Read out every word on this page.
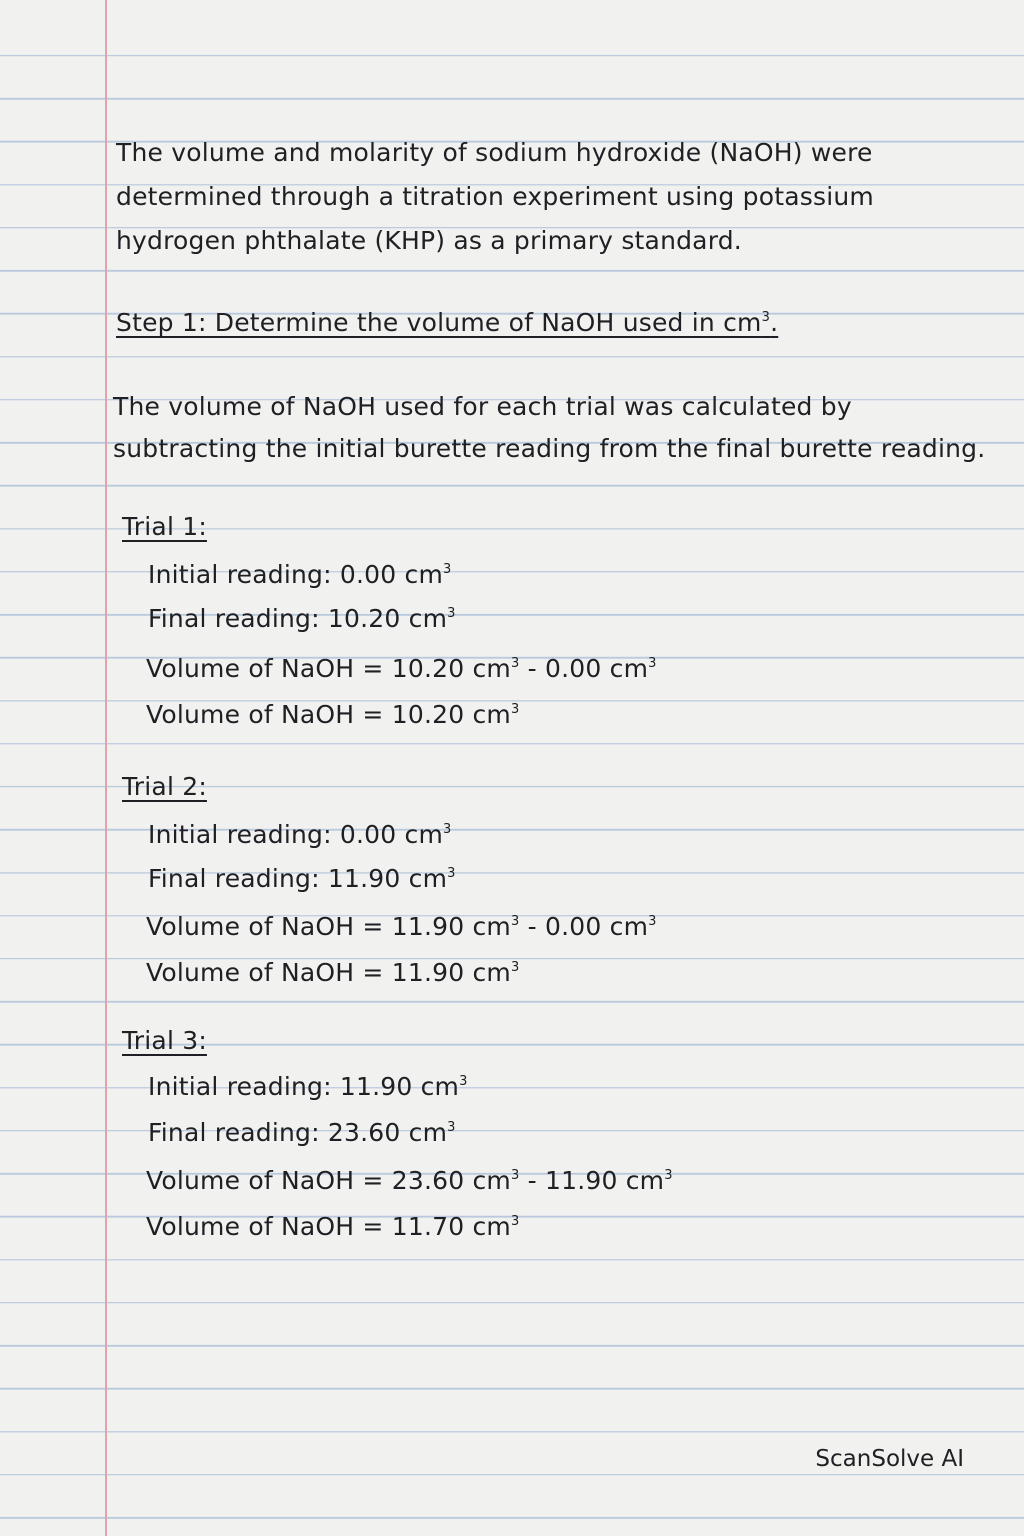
The volume and molarity of sodium hydroxide (NaOH) were
determined through a titration experiment using potassium
hydrogen phthalate (KHP) as a primary standard.
Step 1: Determine the volume of NaOH used in $cm^3$.
The volume of NaOH used for each trial was calculated by
subtracting the initial burette reading from the final burette reading.
Trial 1:
Initial reading: 0.00 $cm^3$
Final reading: 10.20 $cm^3$
Volume of NaOH = 10.20 $cm^3 - 0.00$ $cm^3$
Volume of NaOH = 10.20 $cm^3$
Trial 2:
Initial reading: 0.00 $cm^3$
Final reading: 11.90 $cm^3$
Volume of NaOH = 11.90 $cm^3 - 0.00$ $cm^3$
Volume of NaOH = 11.90 $cm^3$
Trial 3:
Initial reading: 11.90 $cm^3$
Final reading: 23.60 $cm^3$
Volume of NaOH = 23.60 $cm^3 - 11.90$ $cm^3$
Volume of NaOH = 11.70 $cm^3$
ScanSolve AI
